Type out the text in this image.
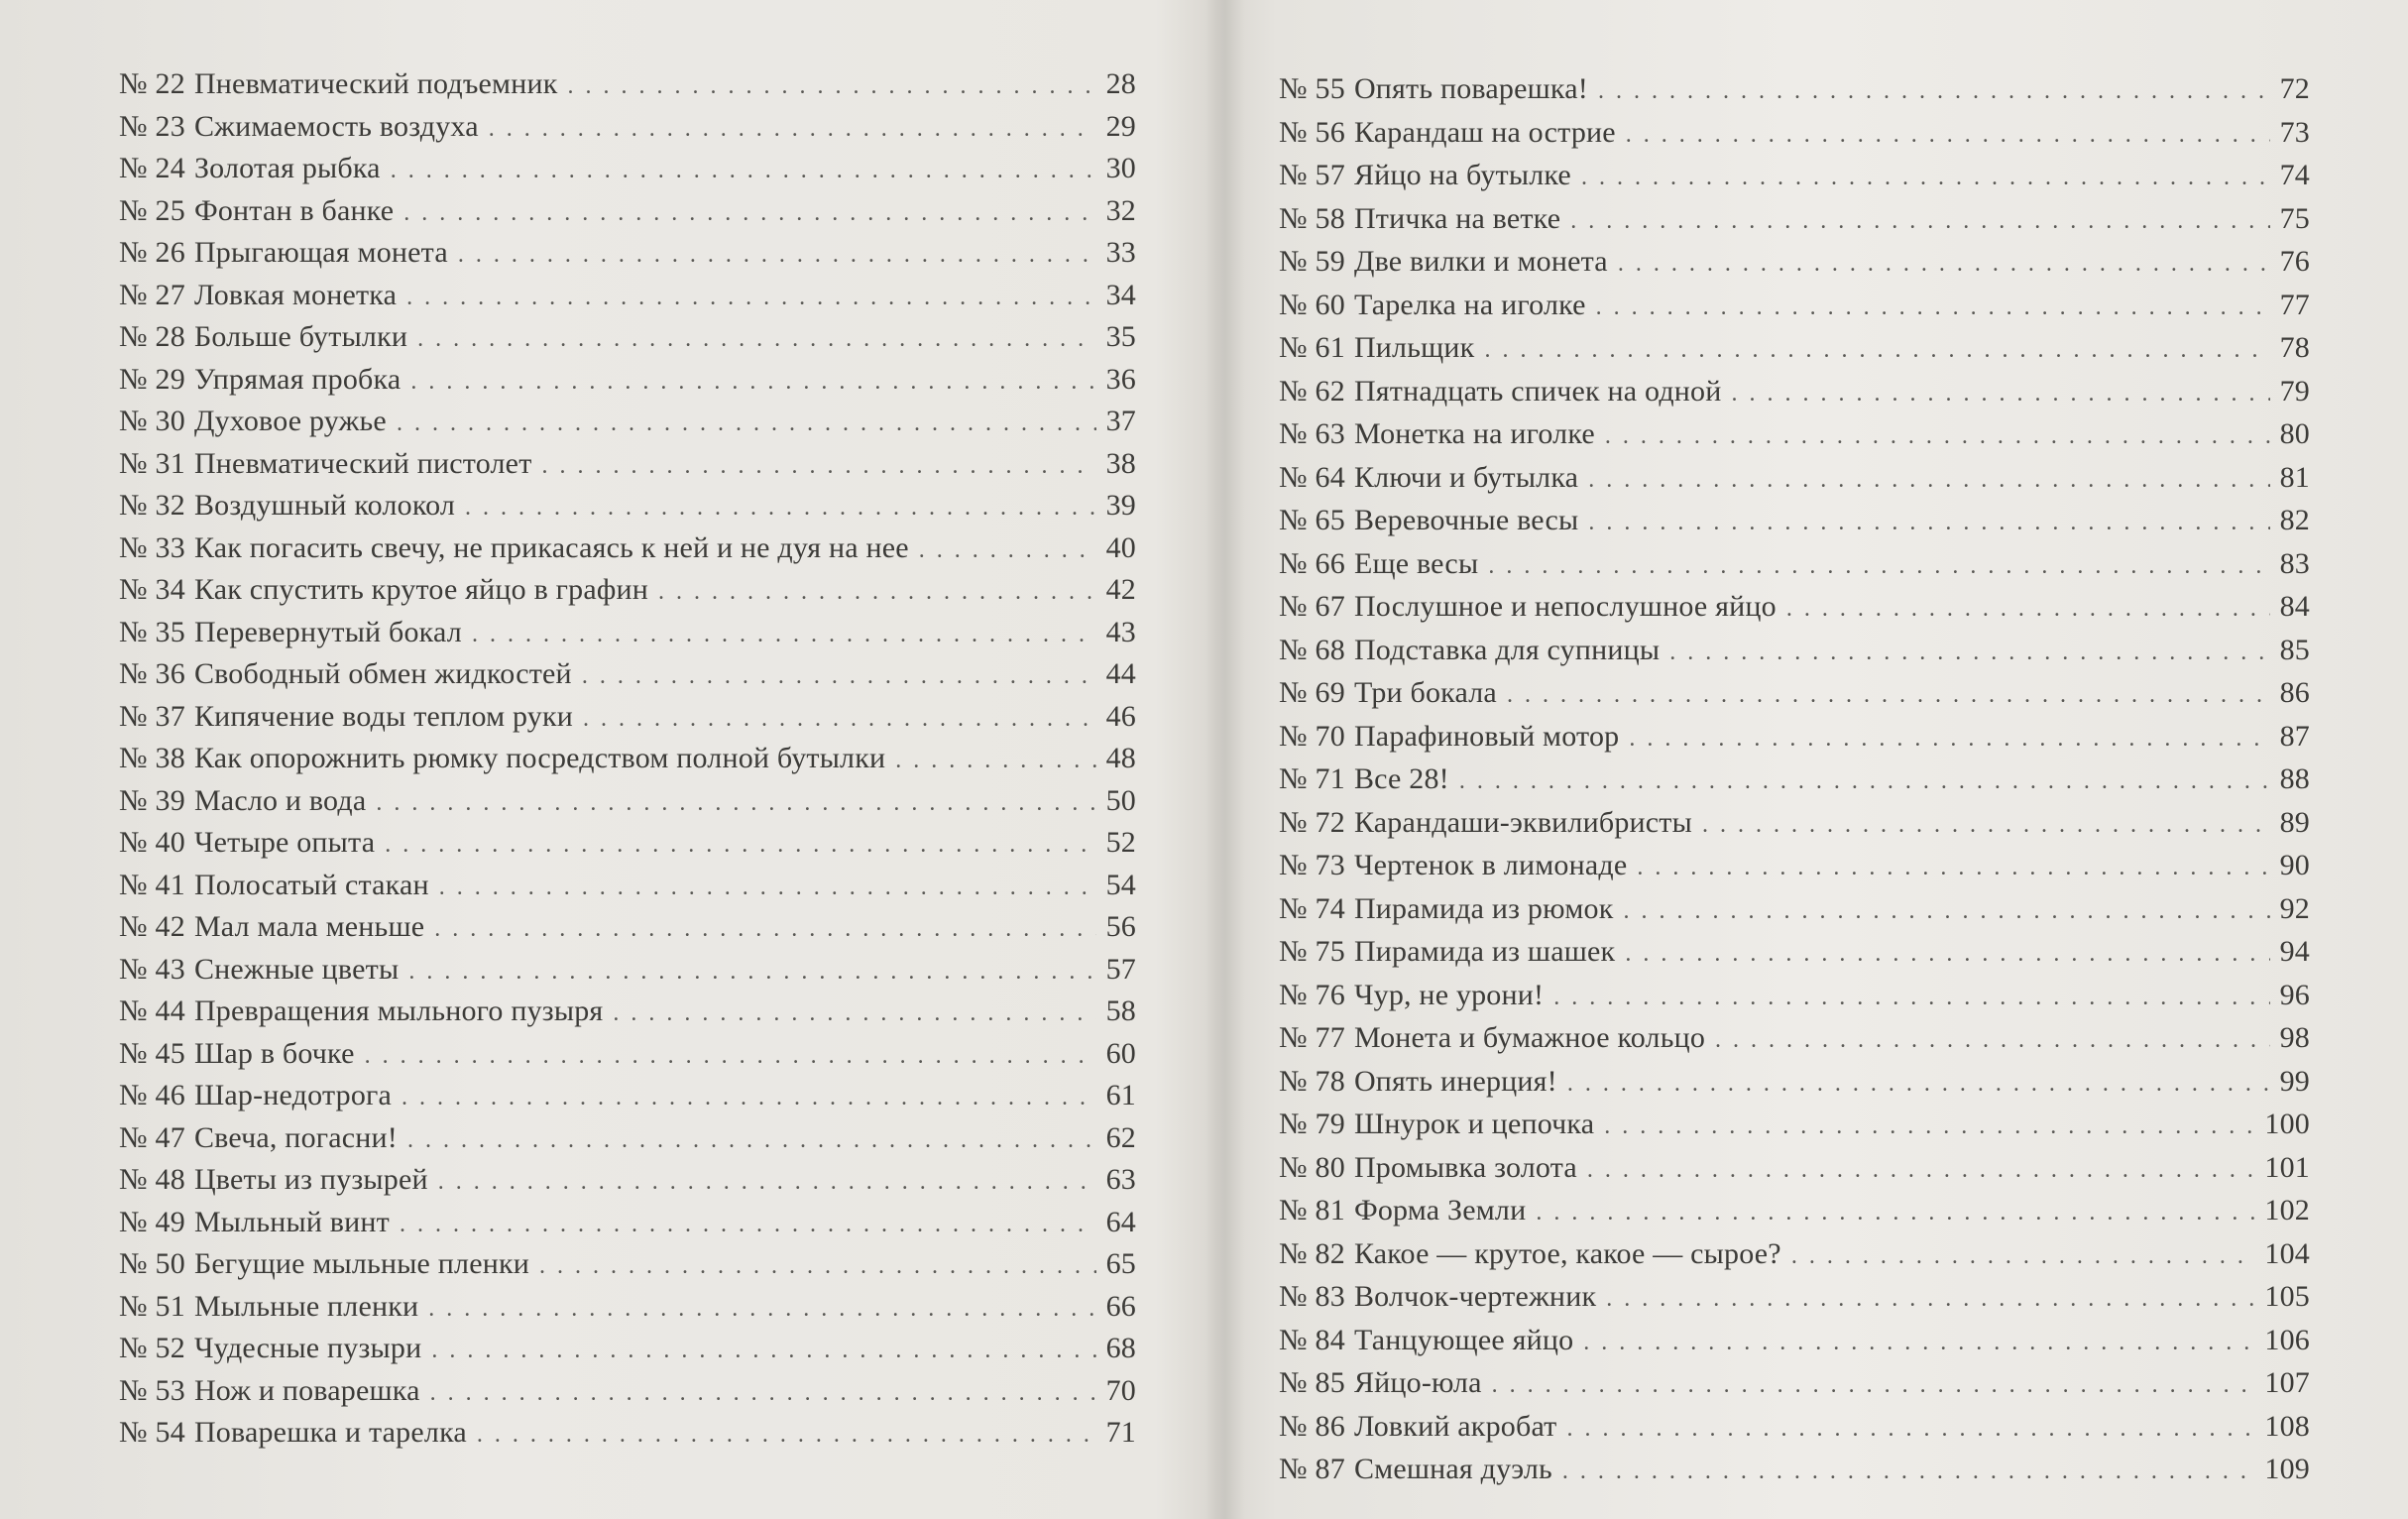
№ 22 Пневматический подъемник . . .	28
№ 23 Сжимаемость воздуха . . .	29
№ 24 Золотая рыбка . . .	30
№ 25 Фонтан в банке . . .	32
№ 26 Прыгающая монета . . .	33
№ 27 Ловкая монетка . . .	34
№ 28 Больше бутылки . . .	35
№ 29 Упрямая пробка . . .	36
№ 30 Духовое ружье . . .	37
№ 31 Пневматический пистолет . . .	38
№ 32 Воздушный колокол . . .	39
№ 33 Как погасить свечу, не прикасаясь к ней и не дуя на нее . . .	40
№ 34 Как спустить крутое яйцо в графин . . .	42
№ 35 Перевернутый бокал . . .	43
№ 36 Свободный обмен жидкостей . . .	44
№ 37 Кипячение воды теплом руки . . .	46
№ 38 Как опорожнить рюмку посредством полной бутылки . . .	48
№ 39 Масло и вода . . .	50
№ 40 Четыре опыта . . .	52
№ 41 Полосатый стакан . . .	54
№ 42 Мал мала меньше . . .	56
№ 43 Снежные цветы . . .	57
№ 44 Превращения мыльного пузыря . . .	58
№ 45 Шар в бочке . . .	60
№ 46 Шар-недотрога . . .	61
№ 47 Свеча, погасни! . . .	62
№ 48 Цветы из пузырей . . .	63
№ 49 Мыльный винт . . .	64
№ 50 Бегущие мыльные пленки . . .	65
№ 51 Мыльные пленки . . .	66
№ 52 Чудесные пузыри . . .	68
№ 53 Нож и поварешка . . .	70
№ 54 Поварешка и тарелка . . .	71
№ 55 Опять поварешка! . . .	72
№ 56 Карандаш на острие . . .	73
№ 57 Яйцо на бутылке . . .	74
№ 58 Птичка на ветке . . .	75
№ 59 Две вилки и монета . . .	76
№ 60 Тарелка на иголке . . .	77
№ 61 Пильщик . . .	78
№ 62 Пятнадцать спичек на одной . . .	79
№ 63 Монетка на иголке . . .	80
№ 64 Ключи и бутылка . . .	81
№ 65 Веревочные весы . . .	82
№ 66 Еще весы . . .	83
№ 67 Послушное и непослушное яйцо . . .	84
№ 68 Подставка для супницы . . .	85
№ 69 Три бокала . . .	86
№ 70 Парафиновый мотор . . .	87
№ 71 Все 28! . . .	88
№ 72 Карандаши-эквилибристы . . .	89
№ 73 Чертенок в лимонаде . . .	90
№ 74 Пирамида из рюмок . . .	92
№ 75 Пирамида из шашек . . .	94
№ 76 Чур, не урони! . . .	96
№ 77 Монета и бумажное кольцо . . .	98
№ 78 Опять инерция! . . .	99
№ 79 Шнурок и цепочка . . .	100
№ 80 Промывка золота . . .	101
№ 81 Форма Земли . . .	102
№ 82 Какое — крутое, какое — сырое? . . .	104
№ 83 Волчок-чертежник . . .	105
№ 84 Танцующее яйцо . . .	106
№ 85 Яйцо-юла . . .	107
№ 86 Ловкий акробат . . .	108
№ 87 Смешная дуэль . . .	109
